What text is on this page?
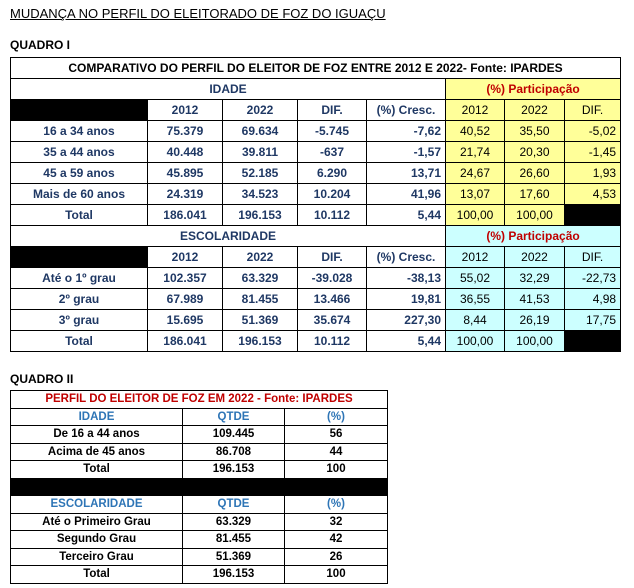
MUDANÇA NO PERFIL DO ELEITORADO DE FOZ DO IGUAÇU
QUADRO I
COMPARATIVO DO PERFIL DO ELEITOR DE FOZ ENTRE 2012 E 2022- Fonte: IPARDES							
IDADE					(%) Participação		
	2012	2022	DIF.	(%) Cresc.	2012	2022	DIF.
16 a 34 anos	75.379	69.634	-5.745	-7,62	40,52	35,50	-5,02
35 a 44 anos	40.448	39.811	-637	-1,57	21,74	20,30	-1,45
45 a 59 anos	45.895	52.185	6.290	13,71	24,67	26,60	1,93
Mais de 60 anos	24.319	34.523	10.204	41,96	13,07	17,60	4,53
Total	186.041	196.153	10.112	5,44	100,00	100,00	
ESCOLARIDADE					(%) Participação		
	2012	2022	DIF.	(%) Cresc.	2012	2022	DIF.
Até o 1º grau	102.357	63.329	-39.028	-38,13	55,02	32,29	-22,73
2º grau	67.989	81.455	13.466	19,81	36,55	41,53	4,98
3º grau	15.695	51.369	35.674	227,30	8,44	26,19	17,75
Total	186.041	196.153	10.112	5,44	100,00	100,00	
QUADRO II
PERFIL DO ELEITOR DE FOZ EM 2022 - Fonte: IPARDES		
IDADE	QTDE	(%)
De 16 a 44 anos	109.445	56
Acima de 45 anos	86.708	44
Total	196.153	100

ESCOLARIDADE	QTDE	(%)
Até o Primeiro Grau	63.329	32
Segundo Grau	81.455	42
Terceiro Grau	51.369	26
Total	196.153	100
